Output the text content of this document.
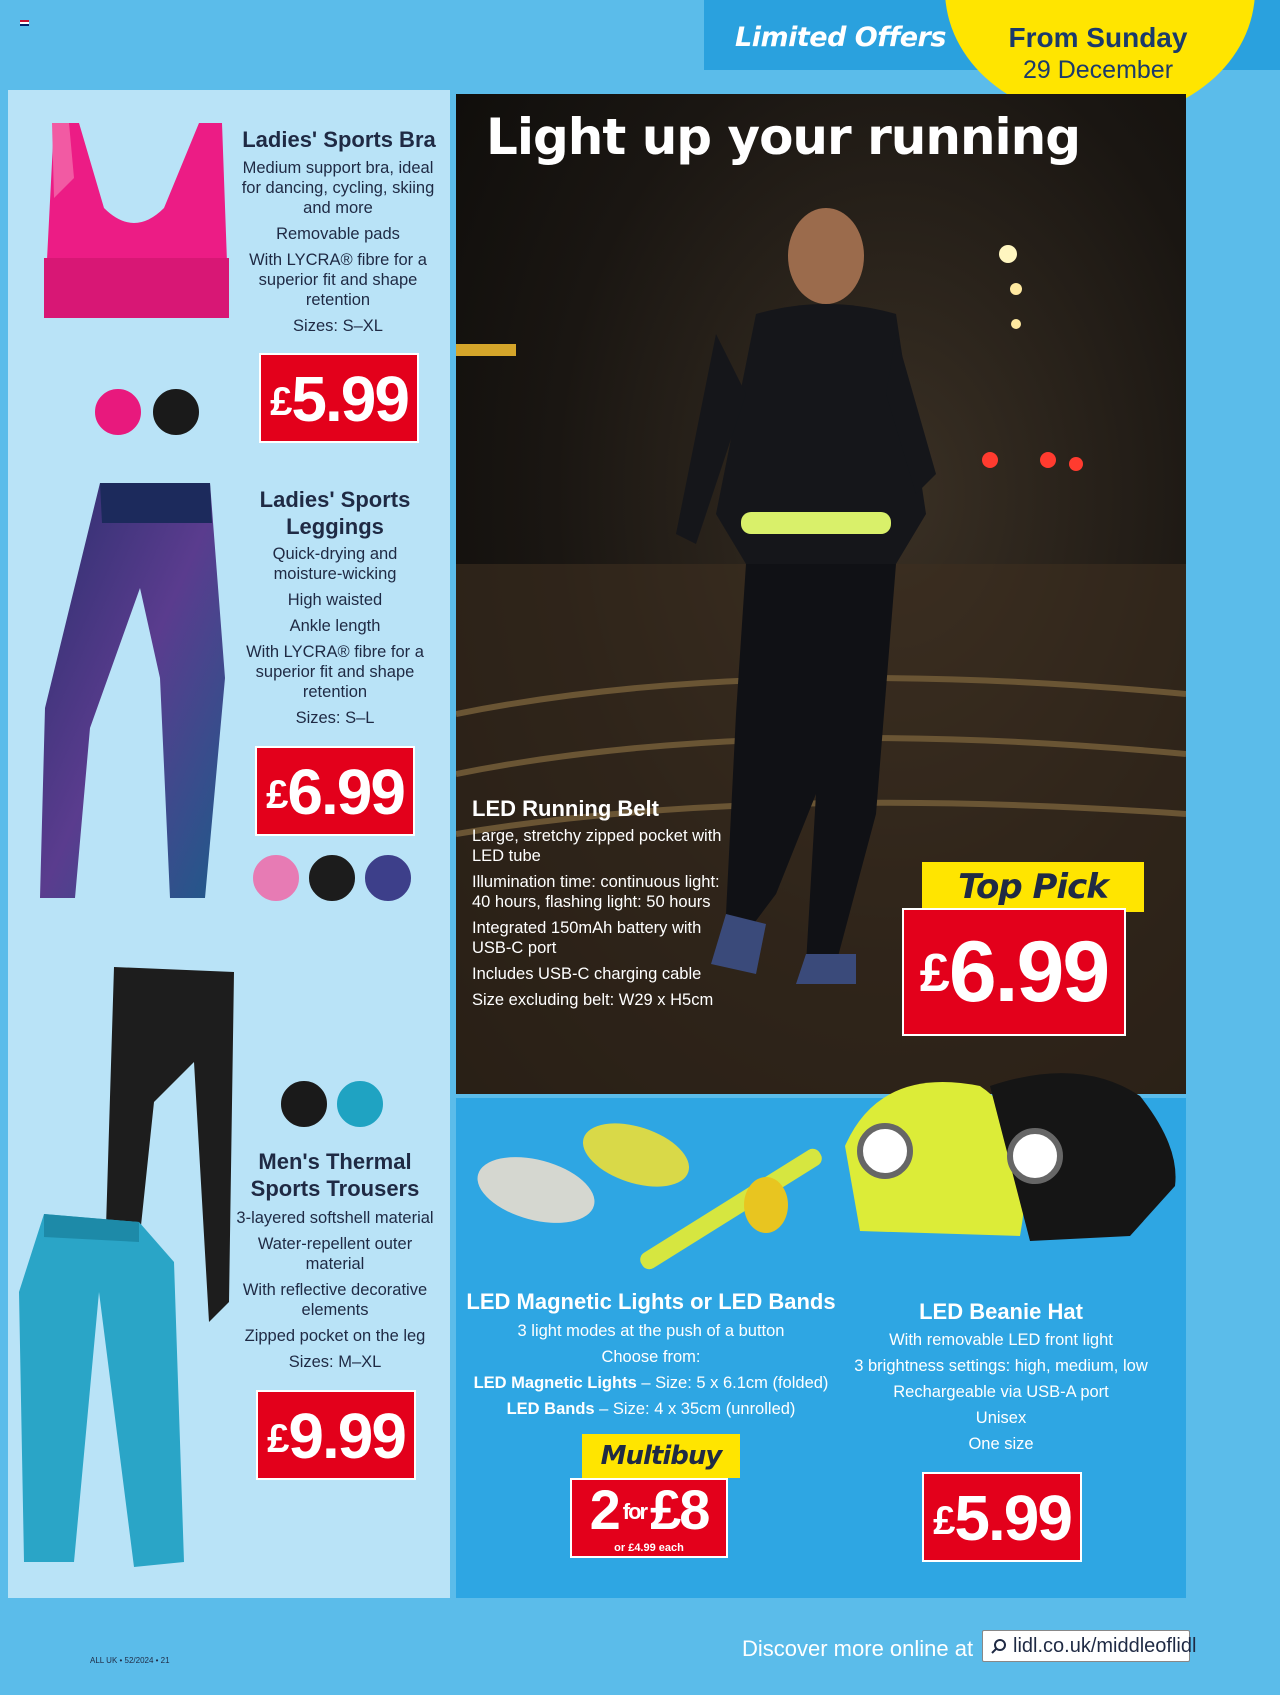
Limited Offers	From Sunday
29 December
Ladies' Sports Bra

Medium support bra, ideal for dancing, cycling, skiing and more

Removable pads

With LYCRA® fibre for a superior fit and shape retention

Sizes: S–XL

£5.99
Ladies' Sports Leggings

Quick-drying and moisture-wicking

High waisted

Ankle length

With LYCRA® fibre for a superior fit and shape retention

Sizes: S–L

£6.99
Men's Thermal Sports Trousers

3-layered softshell material

Water-repellent outer material

With reflective decorative elements

Zipped pocket on the leg

Sizes: M–XL

£9.99
Light up your running
LED Running Belt

Large, stretchy zipped pocket with LED tube

Illumination time: continuous light: 40 hours, flashing light: 50 hours

Integrated 150mAh battery with USB-C port

Includes USB-C charging cable

Size excluding belt: W29 x H5cm

Top Pick
£6.99
LED Magnetic Lights or LED Bands

3 light modes at the push of a button

Choose from:

LED Magnetic Lights – Size: 5 x 6.1cm (folded)

LED Bands – Size: 4 x 35cm (unrolled)

Multibuy
2 for£8
or £4.99 each
LED Beanie Hat

With removable LED front light

3 brightness settings: high, medium, low

Rechargeable via USB-A port

Unisex

One size

£5.99
ALL UK • 52/2024 • 21	Discover more online at	lidl.co.uk/middleoflidl
